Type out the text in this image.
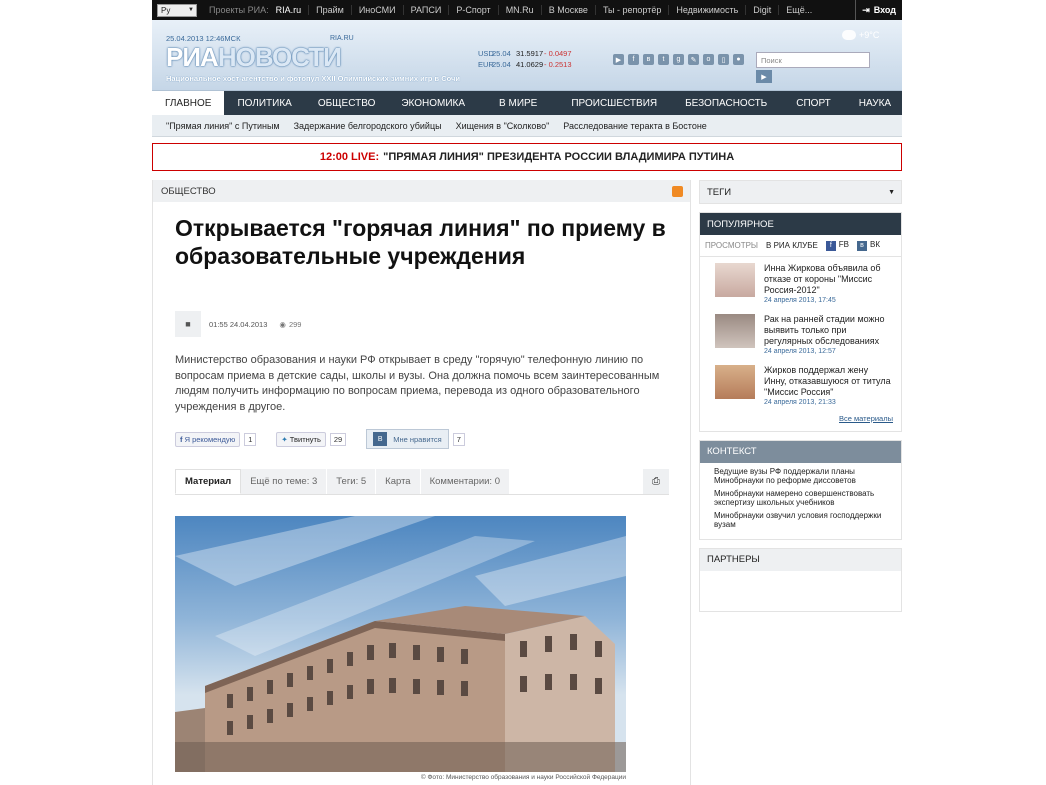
Ру	▼ Проекты РИА: RIA.ru	Прайм	ИноСМИ	РАПСИ	Р-Спорт	MN.Ru	В Москве	Ты - репортёр	Недвижимость	Digit	Ещё...	⇥ Вход
25.04.2013 12:46МСК
РИАНОВОСТИ
RIA.RU
Национальное хост-агентство и фотопул XXII Олимпийских зимних игр в Сочи
USD25.04 31.5917- 0.0497
EUR25.04 41.0629- 0.2513	▶	f	в	t	g	✎	о	▯	●
+9°C
Поиск
▶
ГЛАВНОЕ	ПОЛИТИКА	ОБЩЕСТВО	ЭКОНОМИКА	В МИРЕ	ПРОИСШЕСТВИЯ	БЕЗОПАСНОСТЬ	СПОРТ	НАУКА	ЕЩЁ
"Прямая линия" с Путиным	Задержание белгородского убийцы	Хищения в "Сколково"	Расследование теракта в Бостоне
12:00 LIVE: "ПРЯМАЯ ЛИНИЯ" ПРЕЗИДЕНТА РОССИИ ВЛАДИМИРА ПУТИНА
ОБЩЕСТВО
Открывается "горячая линия" по приему в образовательные учреждения
■	01:55 24.04.2013 ◉ 299

Министерство образования и науки РФ открывает в среду "горячую" телефонную линию по вопросам приема в детские сады, школы и вузы. Она должна помочь всем заинтересованным людям получить информацию по вопросам приема, перевода из одного образовательного учреждения в другое.

f Я рекомендую	1	✦ Твитнуть	29	В	Мне нравится	7
Материал	Ещё по теме: 3	Теги: 5	Карта	Комментарии: 0	⎙
© Фото: Министерство образования и науки Российской Федерации
ТЕГИ	▼
ПОПУЛЯРНОЕ
ПРОСМОТРЫ В РИА КЛУБЕ	f FB	в ВК
Инна Жиркова объявила об отказе от короны "Миссис Россия-2012"
24 апреля 2013, 17:45
Рак на ранней стадии можно выявить только при регулярных обследованиях
24 апреля 2013, 12:57
Жирков поддержал жену Инну, отказавшуюся от титула "Миссис Россия"
24 апреля 2013, 21:33
Все материалы
КОНТЕКСТ
Ведущие вузы РФ поддержали планы Минобрнауки по реформе диссоветов
Минобрнауки намерено совершенствовать экспертизу школьных учебников
Минобрнауки озвучил условия господдержки вузам
ПАРТНЕРЫ
